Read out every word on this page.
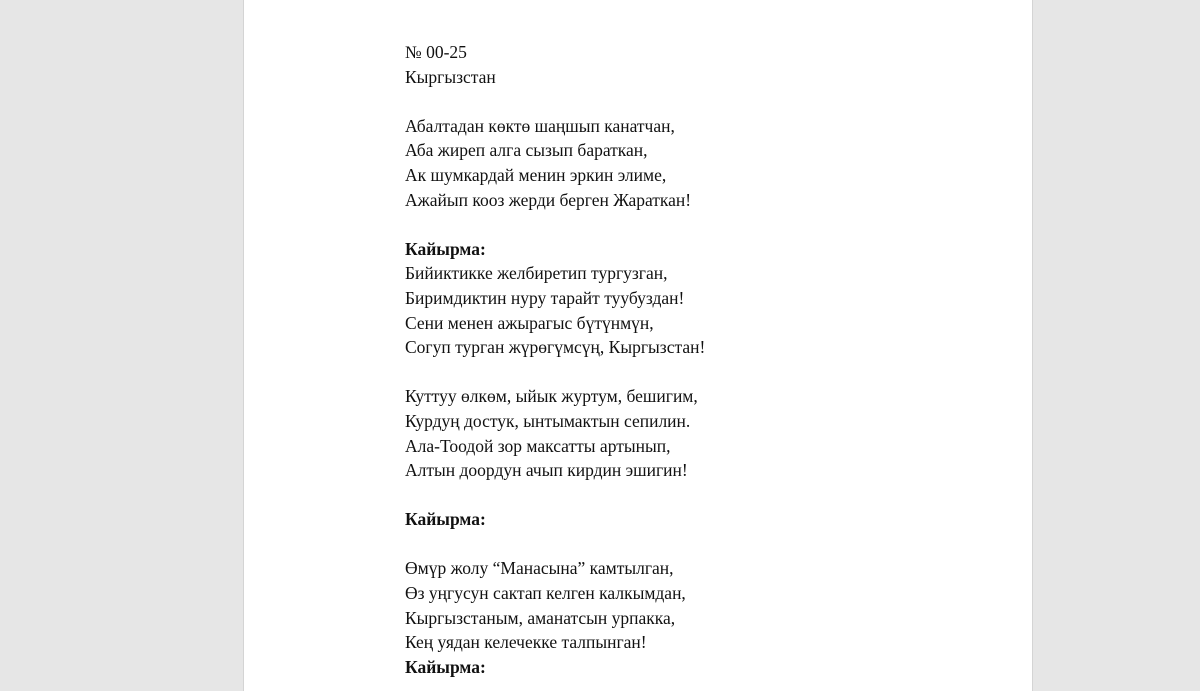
№ 00-25
Кыргызстан
Абалтадан көктө шаңшып канатчан,
Аба жиреп алга сызып бараткан,
Ак шумкардай менин эркин элиме,
Ажайып кооз жерди берген Жараткан!
Кайырма:
Бийиктикке желбиретип тургузган,
Биримдиктин нуру тарайт туубуздан!
Сени менен ажырагыс бүтүнмүн,
Согуп турган жүрөгүмсүң, Кыргызстан!
Куттуу өлкөм, ыйык журтум, бешигим,
Курдуң достук, ынтымактын сепилин.
Ала-Тоодой зор максатты артынып,
Алтын доордун ачып кирдин эшигин!
Кайырма:
Өмүр жолу “Манасына” камтылган,
Өз уңгусун сактап келген калкымдан,
Кыргызстаным, аманатсын урпакка,
Кең уядан келечекке талпынган!
Кайырма:
